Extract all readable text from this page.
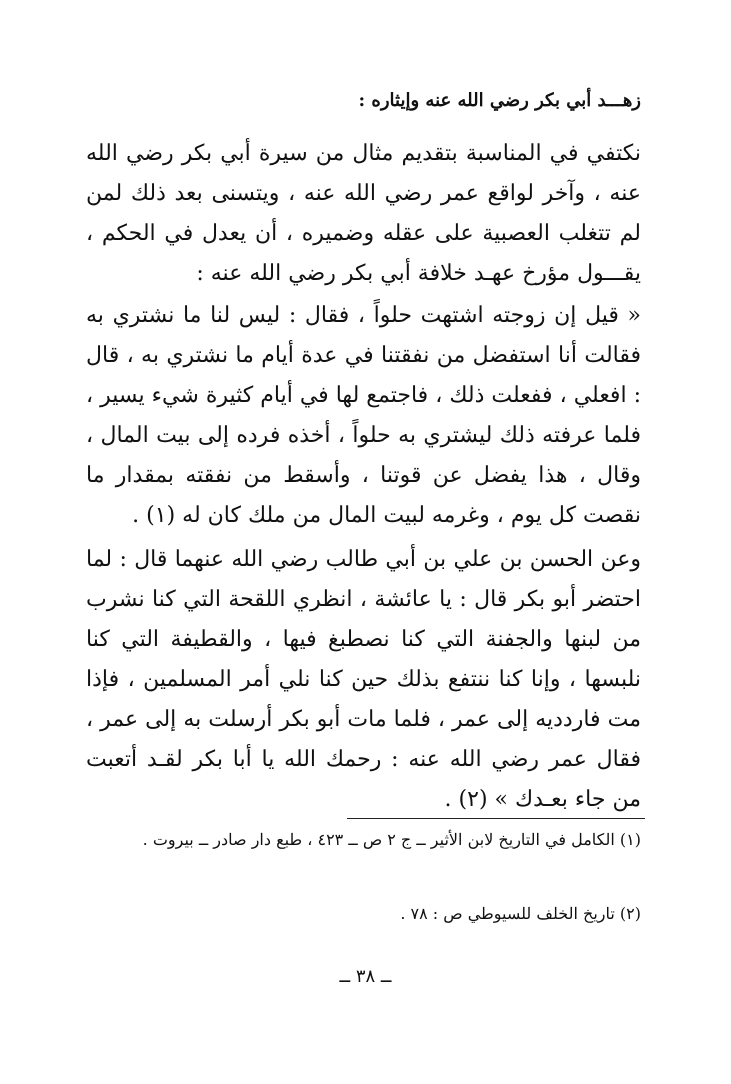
زهـــد أبي بكر رضي الله عنه وإيثاره :
نكتفي في المناسبة بتقديم مثال من سيرة أبي بكر رضي الله عنه ، وآخر لواقع عمر رضي الله عنه ، ويتسنى بعد ذلك لمن لم تتغلب العصبية على عقله وضميره ، أن يعدل في الحكم ، يقـــول مؤرخ عهـد خلافة أبي بكر رضي الله عنه :
« قيل إن زوجته اشتهت حلواً ، فقال : ليس لنا ما نشتري به فقالت أنا استفضل من نفقتنا في عدة أيام ما نشتري به ، قال : افعلي ، ففعلت ذلك ، فاجتمع لها في أيام كثيرة شيء يسير ، فلما عرفته ذلك ليشتري به حلواً ، أخذه فرده إلى بيت المال ، وقال ، هذا يفضل عن قوتنا ، وأسقط من نفقته بمقدار ما نقصت كل يوم ، وغرمه لبيت المال من ملك كان له (١) .
وعن الحسن بن علي بن أبي طالب رضي الله عنهما قال : لما احتضر أبو بكر قال : يا عائشة ، انظري اللقحة التي كنا نشرب من لبنها والجفنة التي كنا نصطبغ فيها ، والقطيفة التي كنا نلبسها ، وإنا كنا ننتفع بذلك حين كنا نلي أمر المسلمين ، فإذا مت فارددیه إلى عمر ، فلما مات أبو بكر أرسلت به إلى عمر ، فقال عمر رضي الله عنه : رحمك الله يا أبا بكر لقـد أتعبت من جاء بعـدك » (٢) .
(١) الكامل في التاريخ لابن الأثير ــ ج ٢ ص ــ ٤٢٣ ، طبع دار صادر ــ بيروت .
(٢) تاريخ الخلف للسيوطي ص : ٧٨ .
ــ ٣٨ ــ
